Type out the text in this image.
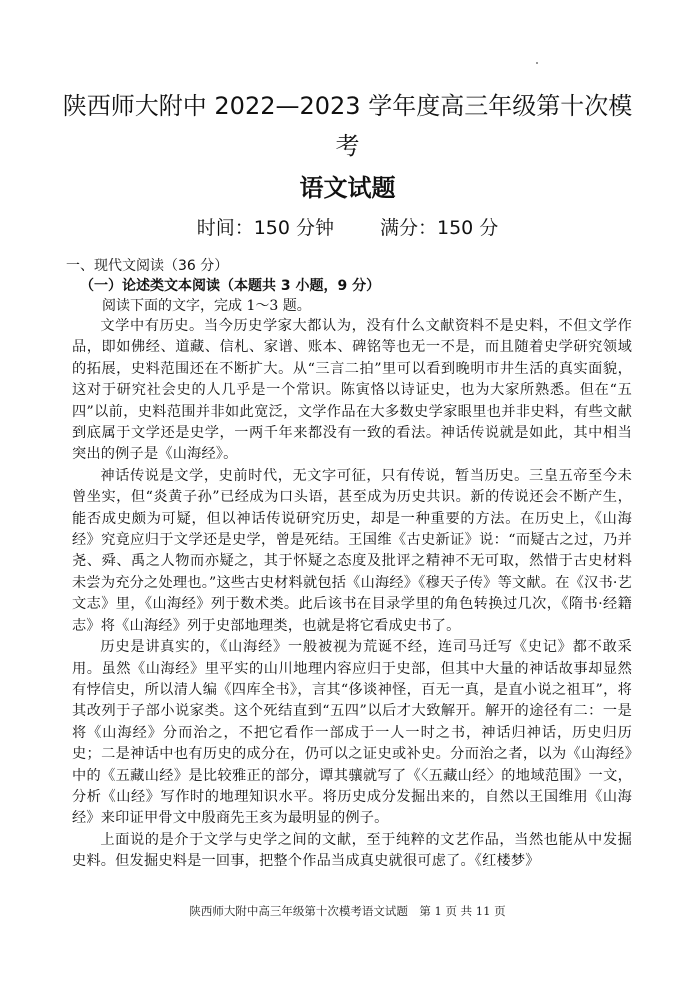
陕西师大附中 2022—2023 学年度高三年级第十次模
考
语文试题
时间：150 分钟 满分：150 分
一、现代文阅读（36 分）
（一）论述类文本阅读（本题共 3 小题，9 分）
阅读下面的文字，完成 1～3 题。

文学中有历史。当今历史学家大都认为，没有什么文献资料不是史料，不但文学作品，即如佛经、道藏、信札、家谱、账本、碑铭等也无一不是，而且随着史学研究领域的拓展，史料范围还在不断扩大。从“三言二拍”里可以看到晚明市井生活的真实面貌，这对于研究社会史的人几乎是一个常识。陈寅恪以诗证史，也为大家所熟悉。但在“五四”以前，史料范围并非如此宽泛，文学作品在大多数史学家眼里也并非史料，有些文献到底属于文学还是史学，一两千年来都没有一致的看法。神话传说就是如此，其中相当突出的例子是《山海经》。

神话传说是文学，史前时代，无文字可征，只有传说，暂当历史。三皇五帝至今未曾坐实，但“炎黄子孙”已经成为口头语，甚至成为历史共识。新的传说还会不断产生，能否成史颇为可疑，但以神话传说研究历史，却是一种重要的方法。在历史上，《山海经》究竟应归于文学还是史学，曾是死结。王国维《古史新证》说：“而疑古之过，乃并尧、舜、禹之人物而亦疑之，其于怀疑之态度及批评之精神不无可取，然惜于古史材料未尝为充分之处理也。”这些古史材料就包括《山海经》《穆天子传》等文献。在《汉书·艺文志》里，《山海经》列于数术类。此后该书在目录学里的角色转换过几次，《隋书·经籍志》将《山海经》列于史部地理类，也就是将它看成史书了。

历史是讲真实的，《山海经》一般被视为荒诞不经，连司马迁写《史记》都不敢采用。虽然《山海经》里平实的山川地理内容应归于史部，但其中大量的神话故事却显然有悖信史，所以清人编《四库全书》，言其“侈谈神怪，百无一真，是直小说之祖耳”，将其改列于子部小说家类。这个死结直到“五四”以后才大致解开。解开的途径有二：一是将《山海经》分而治之，不把它看作一部成于一人一时之书，神话归神话，历史归历史；二是神话中也有历史的成分在，仍可以之证史或补史。分而治之者，以为《山海经》中的《五藏山经》是比较雅正的部分，谭其骧就写了《〈五藏山经〉的地域范围》一文，分析《山经》写作时的地理知识水平。将历史成分发掘出来的，自然以王国维用《山海经》来印证甲骨文中殷商先王亥为最明显的例子。

上面说的是介于文学与史学之间的文献，至于纯粹的文艺作品，当然也能从中发掘史料。但发掘史料是一回事，把整个作品当成真史就很可虑了。《红楼梦》

陕西师大附中高三年级第十次模考语文试题　第 1 页 共 11 页
